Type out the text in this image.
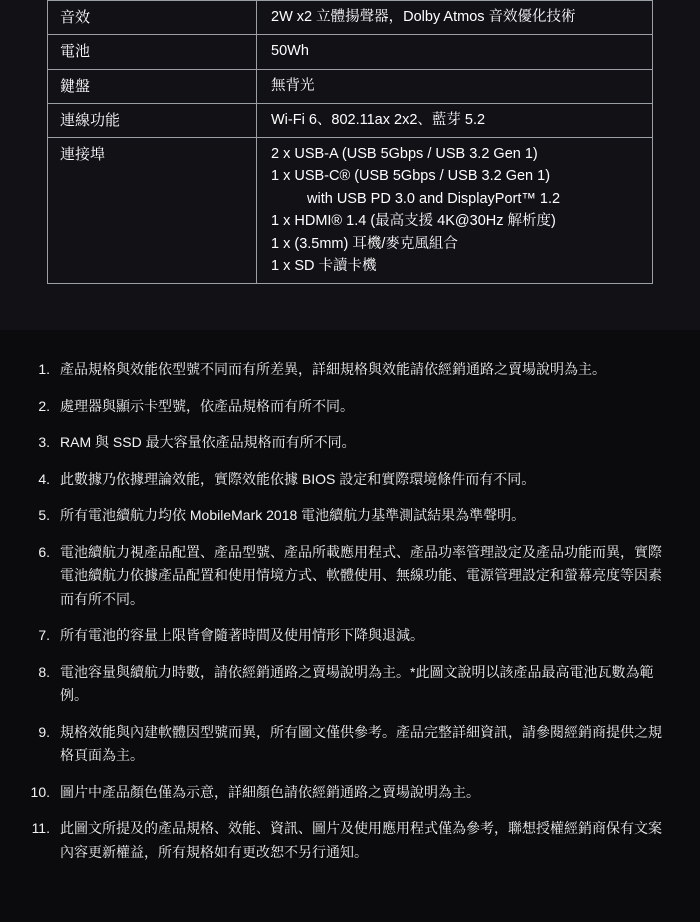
音效	2W x2 立體揚聲器，Dolby Atmos 音效優化技術
電池	50Wh
鍵盤	無背光
連線功能	Wi-Fi 6、802.11ax 2x2、藍芽 5.2
連接埠	2 x USB-A (USB 5Gbps / USB 3.2 Gen 1)
1 x USB-C® (USB 5Gbps / USB 3.2 Gen 1)
with USB PD 3.0 and DisplayPort™ 1.2
1 x HDMI® 1.4 (最高支援 4K@30Hz 解析度)
1 x (3.5mm) 耳機/麥克風組合
1 x SD 卡讀卡機
1. 產品規格與效能依型號不同而有所差異，詳細規格與效能請依經銷通路之賣場說明為主。
2. 處理器與顯示卡型號，依產品規格而有所不同。
3. RAM 與 SSD 最大容量依產品規格而有所不同。
4. 此數據乃依據理論效能，實際效能依據 BIOS 設定和實際環境條件而有不同。
5. 所有電池續航力均依 MobileMark 2018 電池續航力基準測試結果為準聲明。
6. 電池續航力視產品配置、產品型號、產品所載應用程式、產品功率管理設定及產品功能而異，實際電池續航力依據產品配置和使用情境方式、軟體使用、無線功能、電源管理設定和螢幕亮度等因素而有所不同。
7. 所有電池的容量上限皆會隨著時間及使用情形下降與退減。
8. 電池容量與續航力時數，請依經銷通路之賣場說明為主。*此圖文說明以該產品最高電池瓦數為範例。
9. 規格效能與內建軟體因型號而異，所有圖文僅供參考。產品完整詳細資訊，請參閱經銷商提供之規格頁面為主。
10. 圖片中產品顏色僅為示意，詳細顏色請依經銷通路之賣場說明為主。
11. 此圖文所提及的產品規格、效能、資訊、圖片及使用應用程式僅為參考，聯想授權經銷商保有文案內容更新權益，所有規格如有更改恕不另行通知。
